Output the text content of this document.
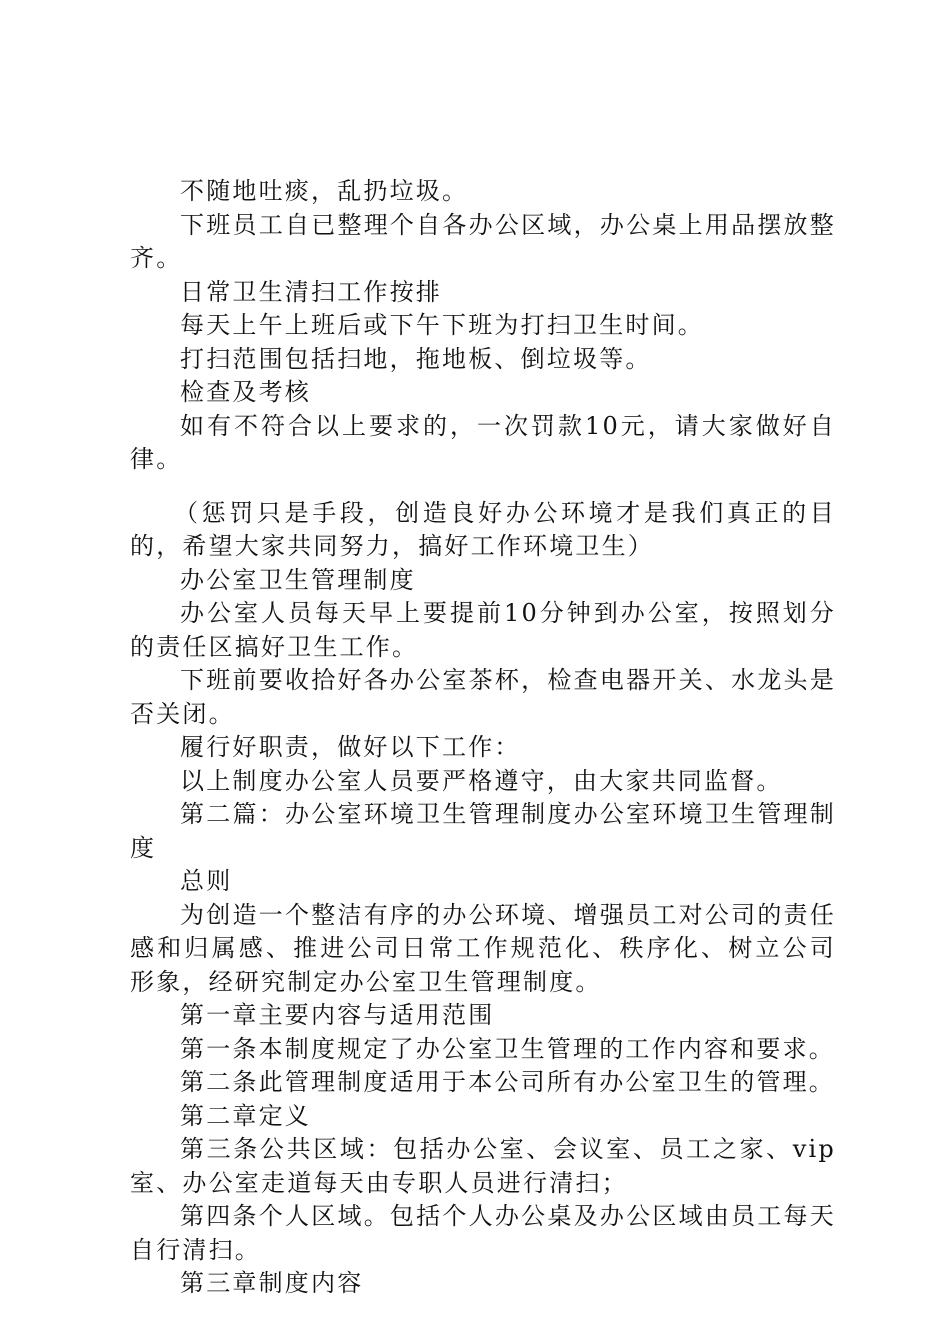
不随地吐痰，乱扔垃圾。

下班员工自已整理个自各办公区域，办公桌上用品摆放整齐。

日常卫生清扫工作按排

每天上午上班后或下午下班为打扫卫生时间。

打扫范围包括扫地，拖地板、倒垃圾等。

检查及考核

如有不符合以上要求的，一次罚款10元，请大家做好自律。

（惩罚只是手段，创造良好办公环境才是我们真正的目的，希望大家共同努力，搞好工作环境卫生）

办公室卫生管理制度

办公室人员每天早上要提前10分钟到办公室，按照划分的责任区搞好卫生工作。

下班前要收拾好各办公室茶杯，检查电器开关、水龙头是否关闭。

履行好职责，做好以下工作：

以上制度办公室人员要严格遵守，由大家共同监督。

第二篇：办公室环境卫生管理制度办公室环境卫生管理制度

总则

为创造一个整洁有序的办公环境、增强员工对公司的责任感和归属感、推进公司日常工作规范化、秩序化、树立公司形象，经研究制定办公室卫生管理制度。

第一章主要内容与适用范围

第一条本制度规定了办公室卫生管理的工作内容和要求。

第二条此管理制度适用于本公司所有办公室卫生的管理。

第二章定义

第三条公共区域：包括办公室、会议室、员工之家、vip室、办公室走道每天由专职人员进行清扫；

第四条个人区域。包括个人办公桌及办公区域由员工每天自行清扫。

第三章制度内容
